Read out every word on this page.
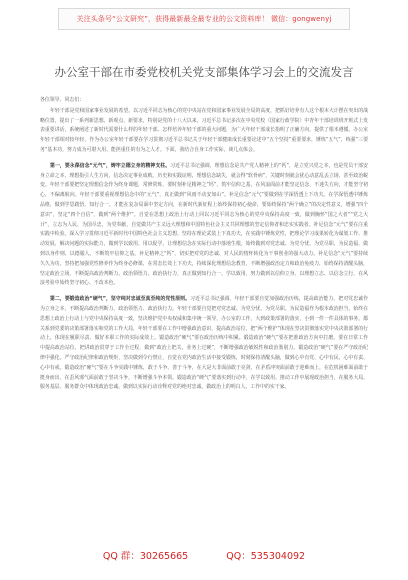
关注头条号“公文研究”，获得最新最全最专业的公文资料库！ 微信：gongwenyj
办公室干部在市委党校机关党支部集体学习会上的交流发言
各位领导、同志们：

年轻干部是党和国家事业发展的希望。以习近平同志为核心的党中央站在党和国家事业发展全局的高度，把抓好培养有人这个根本大计摆在突出的战略位置，提出了一系列新思想、新观点、新要求，特别是党的十八大以来，习近平总书记多次在中央党校（国家行政学院）中青年干部培训班开班式上发表重要讲话，系统阐述了新时代需要什么样的年轻干部、怎样培养年轻干部的重大问题，为广大年轻干部成长指明了正确方向，提供了根本遵循。办公室年轻干部相对较年轻，作为办公室年轻干部要在学习贯彻习近平总书记关于年轻干部健康成长重要论述中“五个坚持”重要要求，锤炼“五气”，练强“三要务”基本功，努力成为可堪大用、能担重任的有为之人才。下面，我结合自身工作实际，谈几点体会。

第一，要永葆信念“元气”，铸牢立德立身的精神支柱。习近平总书记强调，理想信念是共产党人精神上的“钙”，是立党兴党之本，也是党员干部安身立命之本，理想指引人生方向，信念决定事业成败。历史和实践证明，理想信念缺失，就会得“软骨病”，关键时刻就会犹心动意乱丢立场，甚至政治蜕变。年轻干部要把坚定理想信念作为终身课题，常修常炼，要时刻补足精神之“钙”，筑牢信仰之基，在风浪面前才能坚定信念，不迷失方向，才能坚守初心，不偏离航向。年轻干部要重视理想信念中的“元气”，真正做到“风雨不动安如山”。补足信念“元气”要做到在学深悟透上下功夫。在学深悟透中锤炼品格，做到学思践悟、知行合一，才能在复杂局面中坚定方向，在新时代新征程上始终保持初心使命，要始终保持“两个确立”的决定性意义，增强“四个意识”，坚定“四个自信”，做到“两个维护”。自觉在思想上政治上行动上同以习近平同志为核心的党中央保持高度一致，做到胸怀“国之大者”“党之大计”。立志为人民，为国尽忠，为党奉献，自觉做共产主义远大理想和中国特色社会主义共同理想的坚定信仰者和忠实实践者。补足信念“元气”要在注重实践中检验。深入学习贯彻习近平新时代中国特色社会主义思想，坚持在理论武装上下真功夫，在实践中锤炼党性，把理论学习成果转化为谋划工作、推动发展、解决问题的实际能力，做到学以致用、用以促学，让理想信念在实际行动中落地生根，始终做到对党忠诚、为党分忧、为党尽职、为民造福，做到以身作则、以德服人，不断筑牢信仰之基。补足精神之“钙”，切实把对党的忠诚、对人民的情怀转化为干事创业的强大动力。补足信念“元气”要持续久久为功。坚持把加强党性修养作为终身必修课，在常态长效上下功夫，持续深化理想信念教育，不断增强政治定力和政治免疫力，始终保持清醒头脑，坚定政治立场，不断提高政治判断力、政治领悟力、政治执行力，真正做到知行合一、学以致用，努力做到以信仰立身、以理想立志、以信念立行，在风浪考验中始终坚守初心、不改本色。

第二，要锻造政治“硬气”，坚守纯对忠诚至真至纯的党性原则。习近平总书记强调，年轻干部要自觉加强政治历练，提高政治能力，把对党忠诚作为立身之本，不断提高政治判断力、政治领悟力、政治执行力。年轻干部要自觉把对党忠诚、为党分忧、为党尽职、为民造福作为根本政治担当，始终在思想上政治上行动上与党中央保持高度一致，坚决维护党中央权威和集中统一领导，办公室的工作，大到政策部署的落实，小到一件一件具体的事务，都关系到党委的决策部署落实和党的工作大局，年轻干部要在工作中增强政治意识，提高政治站位，把“两个维护”体现在坚决贯彻落实党中央决策部署的行动上，体现在履职尽责、做好本职工作的实际成效上。锻造政治“硬气”要在政治历练中积累。锻造政治“硬气”要在把准政治方向中打磨。要在日常工作中提高政治站位，把讲政治贯穿于工作全过程，做到“政治上把关、业务上过硬”，不断增强政治敏锐性和政治鉴别力。锻造政治“硬气”要在严守政治纪律中强化。严守政治纪律和政治规矩，坚决做到令行禁止，自觉在党内政治生活中接受锻炼，时刻保持清醒头脑，做到心中有党、心中有民、心中有责、心中有戒。锻造政治“硬气”要在斗争实践中锤炼，敢于斗争、善于斗争，在大是大非面前敢于亮剑，在矛盾冲突面前敢于迎难而上，在危机困难面前敢于挺身而出，在歪风邪气面前敢于坚决斗争，不断增强斗争本领。锻造政治“硬气”要落实到行动中，在学以致用、推动工作中展现政治担当，在服务大局、服务基层、服务群众中体现政治忠诚，做到以实际行动诠释对党的绝对忠诚，做政治上的明白人、工作中的实干家。

QQ 群：30265665	QQ：535304092
